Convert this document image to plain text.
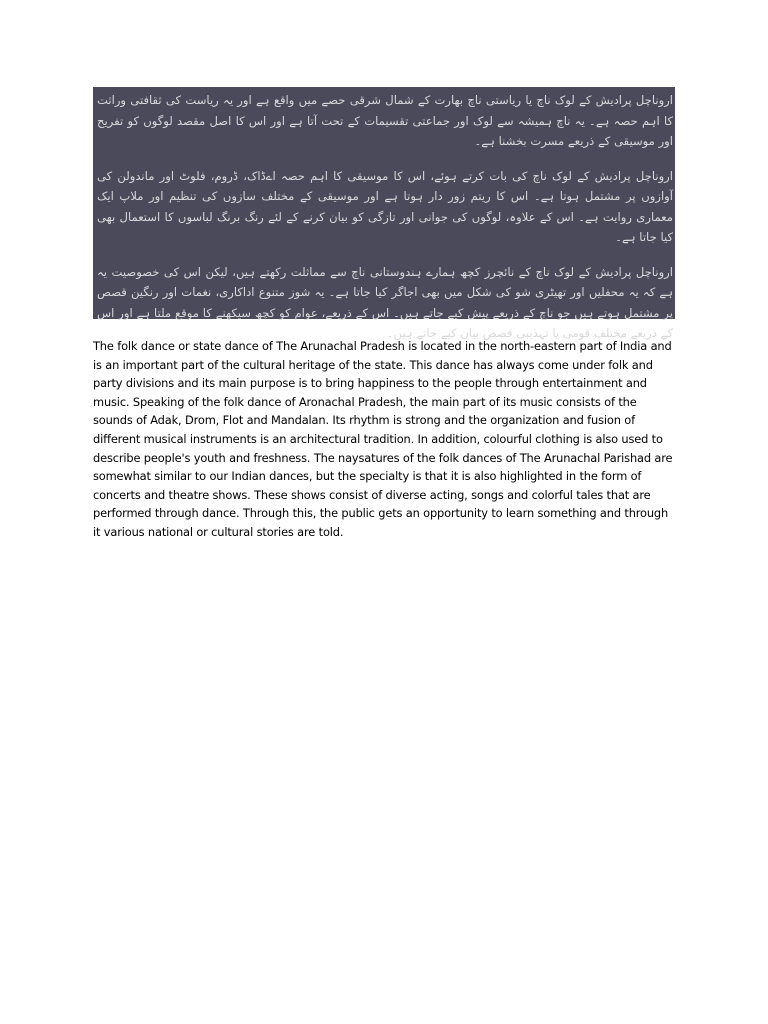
اروناچل پرادیش کے لوک ناچ یا ریاستی ناچ بھارت کے شمال شرقی حصے میں واقع ہے اور یہ ریاست کی ثقافتی وراثت کا اہم حصہ ہے۔ یہ ناچ ہمیشہ سے لوک اور جماعتی تقسیمات کے تحت آتا ہے اور اس کا اصل مقصد لوگوں کو تفریح اور موسیقی کے ذریعے مسرت بخشنا ہے۔

اروناچل پرادیش کے لوک ناچ کی بات کرتے ہوئے، اس کا موسیقی کا اہم حصہ اےڈاک، ڈروم، فلوٹ اور ماندولن کی آوازوں پر مشتمل ہوتا ہے۔ اس کا ریتم زور دار ہوتا ہے اور موسیقی کے مختلف سازوں کی تنظیم اور ملاپ ایک معماری روایت ہے۔ اس کے علاوہ، لوگوں کی جوانی اور تازگی کو بیان کرنے کے لئے رنگ برنگ لباسوں کا استعمال بھی کیا جاتا ہے۔

اروناچل پرادیش کے لوک ناچ کے نائچرز کچھ ہمارے ہندوستانی ناچ سے مماثلت رکھتے ہیں، لیکن اس کی خصوصیت یہ ہے کہ یہ محفلیں اور تھیٹری شو کی شکل میں بھی اجاگر کیا جاتا ہے۔ یہ شوز متنوع اداکاری، نغمات اور رنگین قصص پر مشتمل ہوتے ہیں جو ناچ کے ذریعے پیش کیے جاتے ہیں۔ اس کے ذریعے، عوام کو کچھ سیکھنے کا موقع ملتا ہے اور اس کے ذریعے مختلف قومی یا تہذیبی قصص بیان کیے جاتے ہیں۔

The folk dance or state dance of The Arunachal Pradesh is located in the north-eastern part of India and is an important part of the cultural heritage of the state. This dance has always come under folk and party divisions and its main purpose is to bring happiness to the people through entertainment and music. Speaking of the folk dance of Aronachal Pradesh, the main part of its music consists of the sounds of Adak, Drom, Flot and Mandalan. Its rhythm is strong and the organization and fusion of different musical instruments is an architectural tradition. In addition, colourful clothing is also used to describe people's youth and freshness. The naysatures of the folk dances of The Arunachal Parishad are somewhat similar to our Indian dances, but the specialty is that it is also highlighted in the form of concerts and theatre shows. These shows consist of diverse acting, songs and colorful tales that are performed through dance. Through this, the public gets an opportunity to learn something and through it various national or cultural stories are told.
